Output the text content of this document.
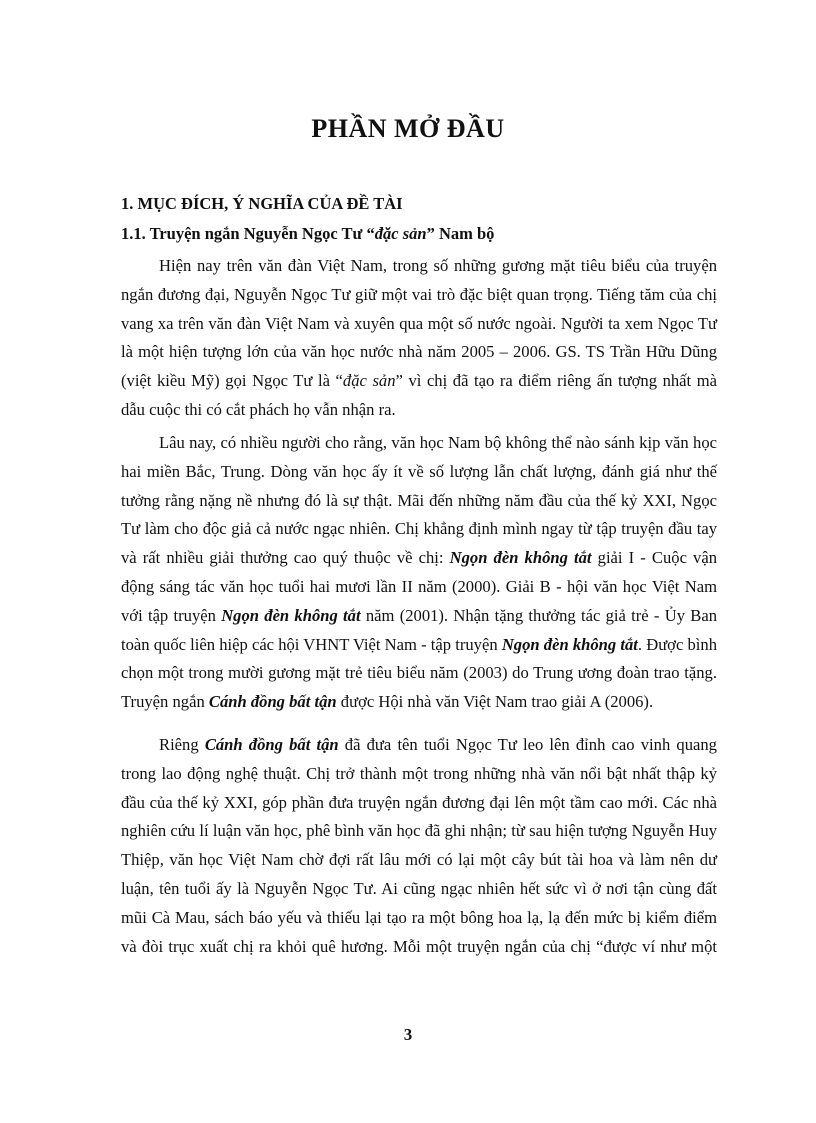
PHẦN MỞ ĐẦU
1. MỤC ĐÍCH, Ý NGHĨA CỦA ĐỀ TÀI
1.1. Truyện ngắn Nguyễn Ngọc Tư “đặc sản” Nam bộ

Hiện nay trên văn đàn Việt Nam, trong số những gương mặt tiêu biểu của truyện ngắn đương đại, Nguyễn Ngọc Tư giữ một vai trò đặc biệt quan trọng. Tiếng tăm của chị vang xa trên văn đàn Việt Nam và xuyên qua một số nước ngoài. Người ta xem Ngọc Tư là một hiện tượng lớn của văn học nước nhà năm 2005 – 2006. GS. TS Trần Hữu Dũng (việt kiều Mỹ) gọi Ngọc Tư là “đặc sản” vì chị đã tạo ra điểm riêng ấn tượng nhất mà dẫu cuộc thi có cắt phách họ vẫn nhận ra.

Lâu nay, có nhiều người cho rằng, văn học Nam bộ không thể nào sánh kịp văn học hai miền Bắc, Trung. Dòng văn học ấy ít về số lượng lẫn chất lượng, đánh giá như thế tưởng rằng nặng nề nhưng đó là sự thật. Mãi đến những năm đầu của thế kỷ XXI, Ngọc Tư làm cho độc giả cả nước ngạc nhiên. Chị khẳng định mình ngay từ tập truyện đầu tay và rất nhiều giải thưởng cao quý thuộc về chị: Ngọn đèn không tắt giải I - Cuộc vận động sáng tác văn học tuổi hai mươi lần II năm (2000). Giải B - hội văn học Việt Nam với tập truyện Ngọn đèn không tắt năm (2001). Nhận tặng thưởng tác giả trẻ - Ủy Ban toàn quốc liên hiệp các hội VHNT Việt Nam - tập truyện Ngọn đèn không tắt. Được bình chọn một trong mười gương mặt trẻ tiêu biểu năm (2003) do Trung ương đoàn trao tặng. Truyện ngắn Cánh đồng bất tận được Hội nhà văn Việt Nam trao giải A (2006).

Riêng Cánh đồng bất tận đã đưa tên tuổi Ngọc Tư leo lên đỉnh cao vinh quang trong lao động nghệ thuật. Chị trở thành một trong những nhà văn nổi bật nhất thập kỷ đầu của thế kỷ XXI, góp phần đưa truyện ngắn đương đại lên một tầm cao mới. Các nhà nghiên cứu lí luận văn học, phê bình văn học đã ghi nhận; từ sau hiện tượng Nguyễn Huy Thiệp, văn học Việt Nam chờ đợi rất lâu mới có lại một cây bút tài hoa và làm nên dư luận, tên tuổi ấy là Nguyễn Ngọc Tư. Ai cũng ngạc nhiên hết sức vì ở nơi tận cùng đất mũi Cà Mau, sách báo yếu và thiếu lại tạo ra một bông hoa lạ, lạ đến mức bị kiểm điểm và đòi trục xuất chị ra khỏi quê hương. Mỗi một truyện ngắn của chị “được ví như một

3
